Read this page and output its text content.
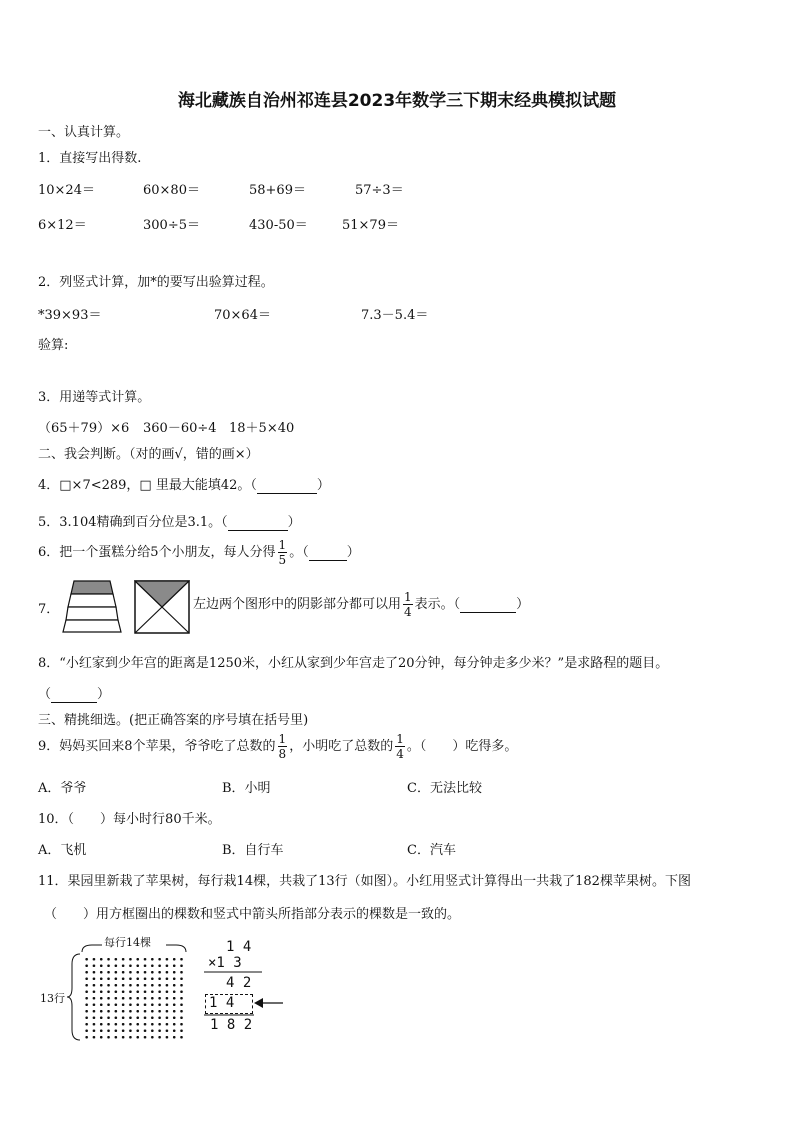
海北藏族自治州祁连县2023年数学三下期末经典模拟试题
一、认真计算。
1．直接写出得数.
10×24＝	60×80＝	58+69＝	57÷3＝
6×12＝	300÷5＝	430-50＝	51×79＝
2．列竖式计算，加*的要写出验算过程。
*39×93＝	70×64＝	7.3－5.4＝
验算:
3．用递等式计算。
（65＋79）×6 360－60÷4 18＋5×40
二、我会判断。（对的画√，错的画×）
4．□×7<289，□ 里最大能填42。（	）
5．3.104精确到百分位是3.1。（	）
6．把一个蛋糕分给5个小朋友，每人分得 $\frac{1}{5}$ 。（	）
7．	左边两个图形中的阴影部分都可以用 $\frac{1}{4}$ 表示。（	）
8．“小红家到少年宫的距离是1250米，小红从家到少年宫走了20分钟，每分钟走多少米？”是求路程的题目。
（	）
三、精挑细选。(把正确答案的序号填在括号里)
9．妈妈买回来8个苹果，爷爷吃了总数的 $\frac{1}{8}$ ，小明吃了总数的 $\frac{1}{4}$ 。（　　）吃得多。
A．爷爷	B．小明	C．无法比较
10．（　　）每小时行80千米。
A．飞机	B．自行车	C．汽车
11．果园里新栽了苹果树，每行栽14棵，共栽了13行（如图）。小红用竖式计算得出一共栽了182棵苹果树。下图
（　　）用方框圈出的棵数和竖式中箭头所指部分表示的棵数是一致的。
每行14棵
13行
1 4
×1 3
4 2
1 4
1 8 2
